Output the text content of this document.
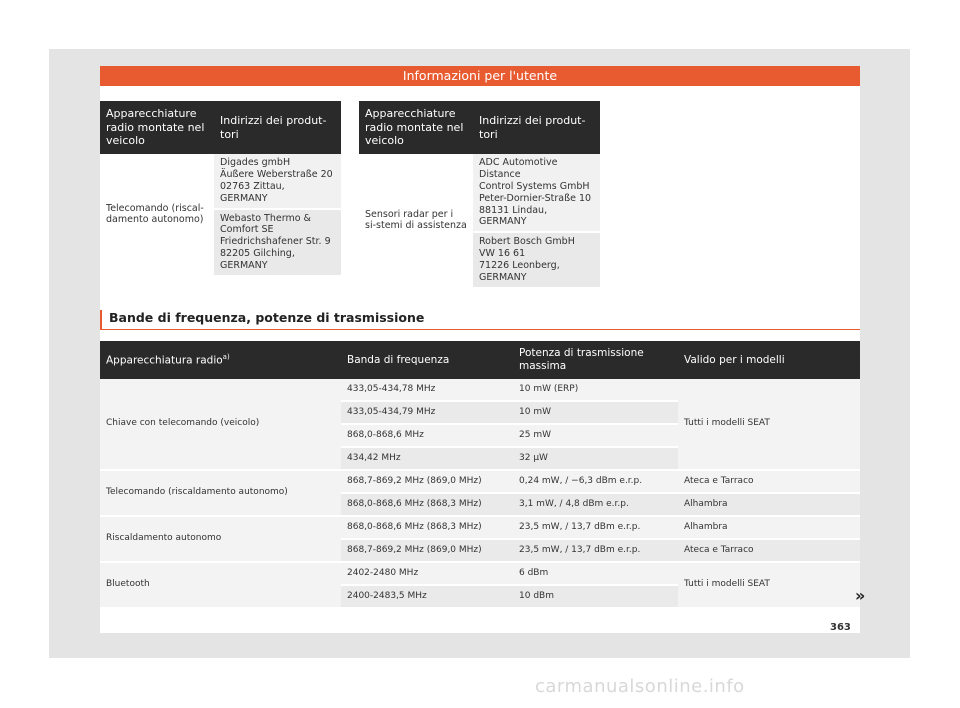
Informazioni per l'utente
Apparecchiature radio montate nel veicolo	Indirizzi dei produt-tori
Telecomando (riscal-damento autonomo)	Digades gmbH
Äußere Weberstraße 20
02763 Zittau, GERMANY

	Webasto Thermo &
Comfort SE
Friedrichshafener Str. 9
82205 Gilching, GERMANY
Apparecchiature radio montate nel veicolo	Indirizzi dei produt-tori
Sensori radar per i si-stemi di assistenza	ADC Automotive Distance
Control Systems GmbH
Peter-Dornier-Straße 10
88131 Lindau, GERMANY

	Robert Bosch GmbH
VW 16 61
71226 Leonberg,
GERMANY
Bande di frequenza, potenze di trasmissione
Apparecchiatura radio$^{a)}$	Banda di frequenza	Potenza di trasmissione massima	Valido per i modelli
Chiave con telecomando (veicolo)	433,05-434,78 MHz	10 mW (ERP)	Tutti i modelli SEAT
	433,05-434,79 MHz	10 mW	
	868,0-868,6 MHz	25 mW	
	434,42 MHz	32 µW	
Telecomando (riscaldamento autonomo)	868,7-869,2 MHz (869,0 MHz)	0,24 mW, / −6,3 dBm e.r.p.	Ateca e Tarraco
	868,0-868,6 MHz (868,3 MHz)	3,1 mW, / 4,8 dBm e.r.p.	Alhambra
Riscaldamento autonomo	868,0-868,6 MHz (868,3 MHz)	23,5 mW, / 13,7 dBm e.r.p.	Alhambra
	868,7-869,2 MHz (869,0 MHz)	23,5 mW, / 13,7 dBm e.r.p.	Ateca e Tarraco
Bluetooth	2402-2480 MHz	6 dBm	Tutti i modelli SEAT
	2400-2483,5 MHz	10 dBm		»
363
carmanualsonline.info
